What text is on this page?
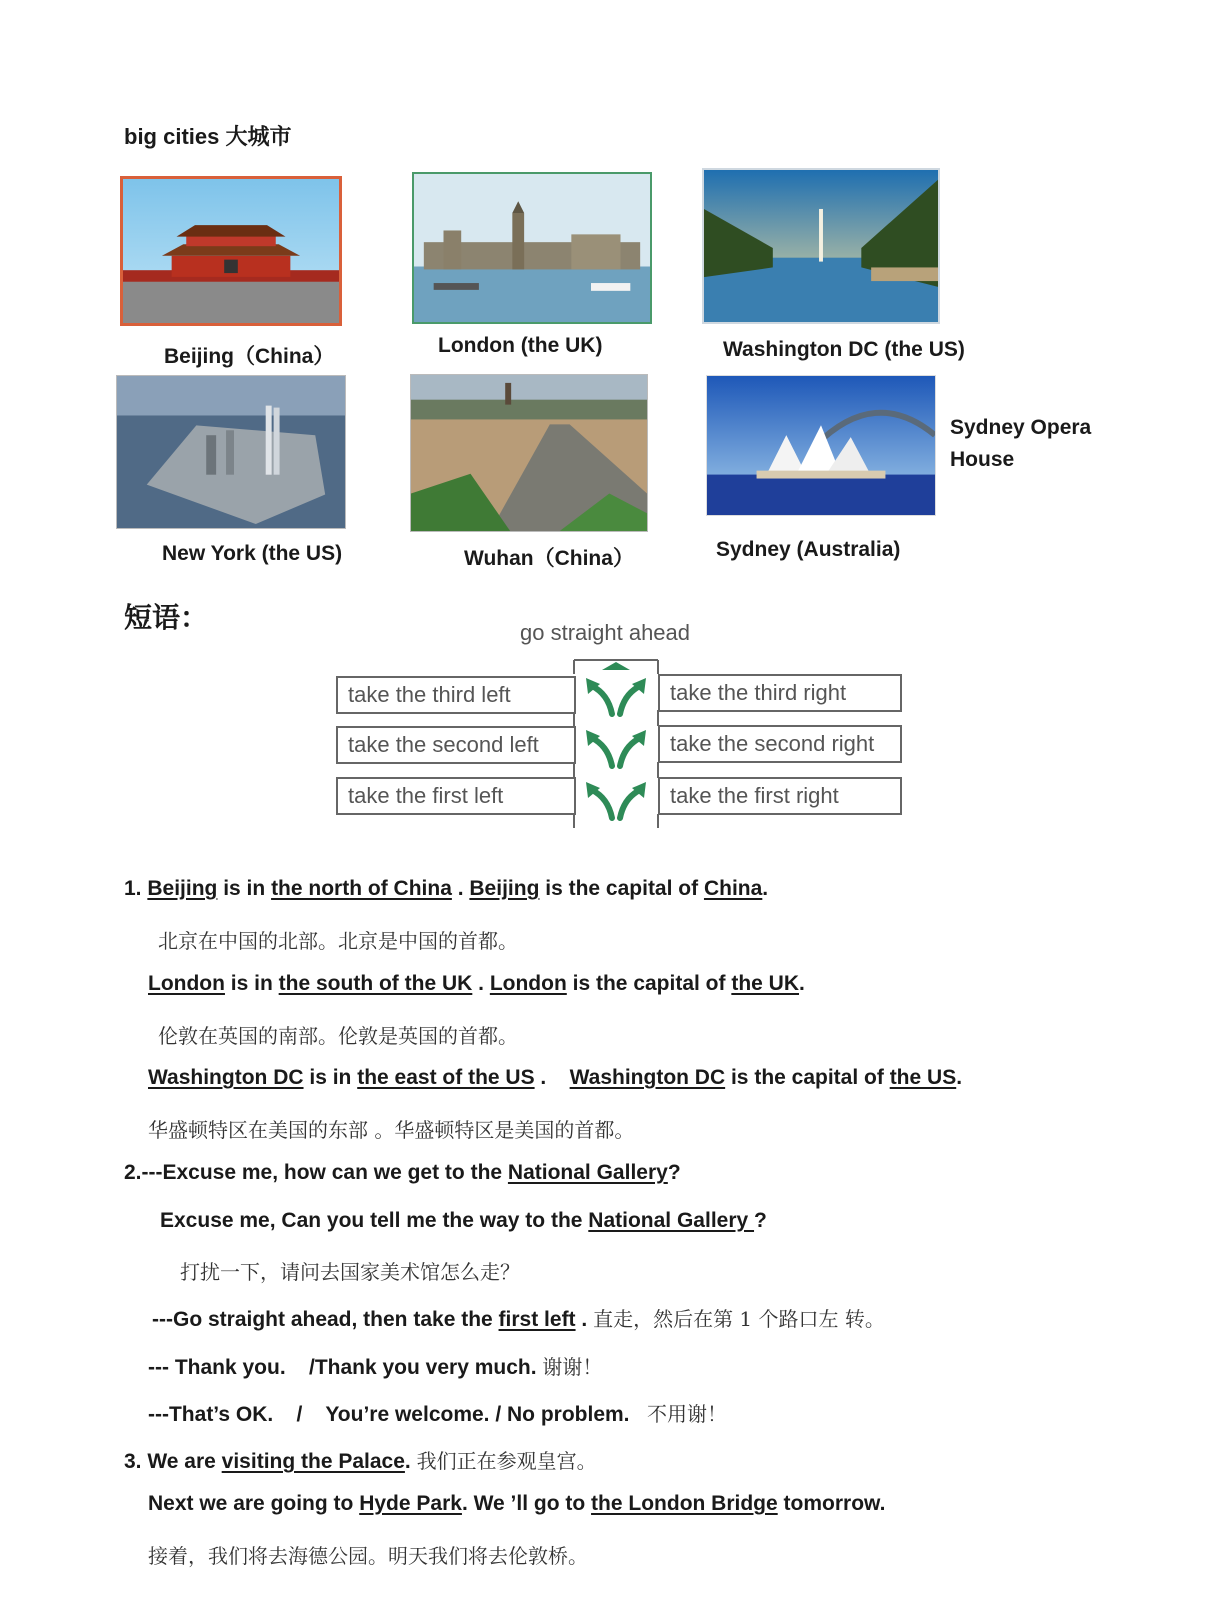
big cities 大城市
Beijing（China）	London (the UK)	Washington DC (the US)
Sydney Opera
House
New York (the US)	Wuhan（China）	Sydney (Australia)
短语：	go straight ahead
take the third left
take the second left
take the first left
take the third right
take the second right
take the first right
1. Beijing is in the north of China . Beijing is the capital of China.
北京在中国的北部。北京是中国的首都。
London is in the south of the UK . London is the capital of the UK.
伦敦在英国的南部。伦敦是英国的首都。
Washington DC is in the east of the US .    Washington DC is the capital of the US.
华盛顿特区在美国的东部 。华盛顿特区是美国的首都。
2.---Excuse me, how can we get to the National Gallery?
Excuse me, Can you tell me the way to the National Gallery ?
打扰一下，请问去国家美术馆怎么走？
---Go straight ahead, then take the first left . 直走，然后在第 1 个路口左 转。
--- Thank you.    /Thank you very much. 谢谢！
---That’s OK.    /    You’re welcome. / No problem. 不用谢！
3. We are visiting the Palace. 我们正在参观皇宫。
Next we are going to Hyde Park. We ’ll go to the London Bridge tomorrow.
接着，我们将去海德公园。明天我们将去伦敦桥。
